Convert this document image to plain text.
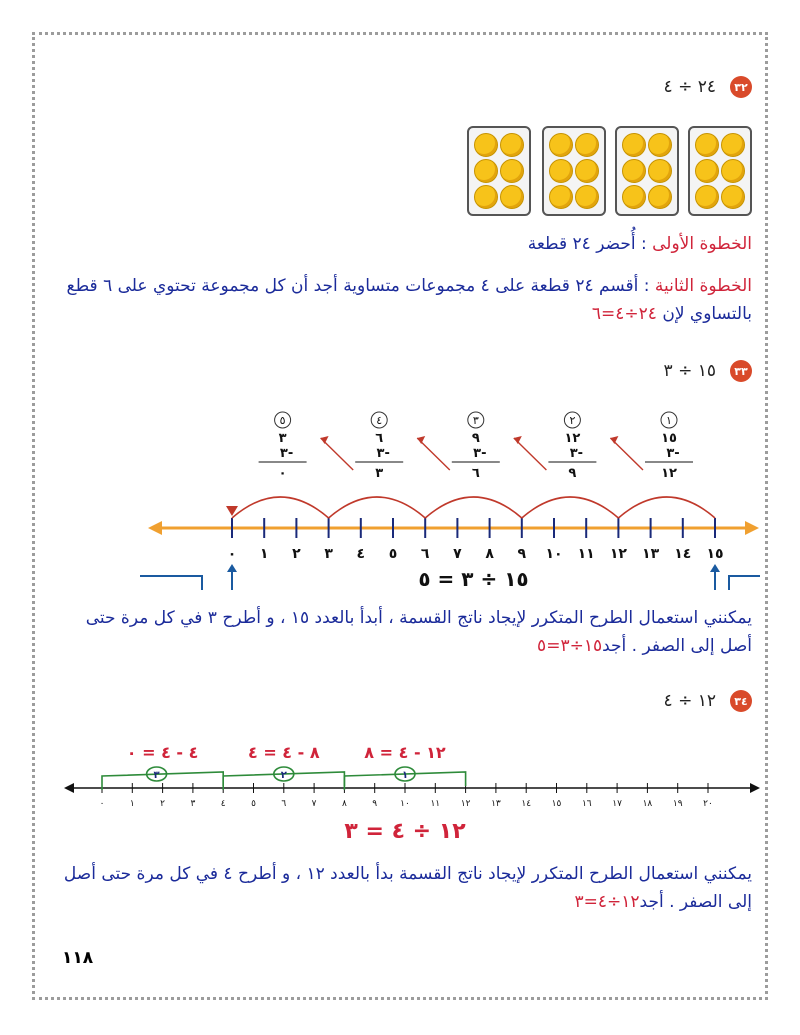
٣٢
٢٤ ÷ ٤
الخطوة الأولى : أُحضر ٢٤ قطعة
الخطوة الثانية : أقسم ٢٤ قطعة على ٤ مجموعات متساوية أجد أن كل مجموعة تحتوي على ٦ قطع بالتساوي لإن ٢٤÷٤=٦
٣٣
١٥ ÷ ٣
٠ ١ ٢ ٣ ٤ ٥ ٦ ٧ ٨ ٩ ١٠ ١١ ١٢ ١٣ ١٤ ١٥
١٥ ÷ ٣ = ٥
١
١٥
٣-
١٢
٢
١٢
٣-
٩
٣
٩
٣-
٦
٤
٦
٣-
٣
٥
٣
٣-
٠
يمكنني استعمال الطرح المتكرر لإيجاد ناتج القسمة ، أبدأ بالعدد ١٥ ، و أطرح ٣ في كل مرة حتى أصل إلى الصفر . أجد١٥÷٣=٥
٣٤
١٢ ÷ ٤
٠	١	٢	٣	٤	٥	٦	٧	٨	٩	١٠ ١١ ١٢ ١٣ ١٤ ١٥ ١٦ ١٧ ١٨ ١٩ ٢٠
١
١٢ - ٤ = ٨
٢
٨ - ٤ = ٤
٣
٤ - ٤ = ٠
١٢ ÷ ٤ = ٣
يمكنني استعمال الطرح المتكرر لإيجاد ناتج القسمة بدأ بالعدد ١٢ ، و أطرح ٤ في كل مرة حتى أصل إلى الصفر . أجد١٢÷٤=٣
١١٨
